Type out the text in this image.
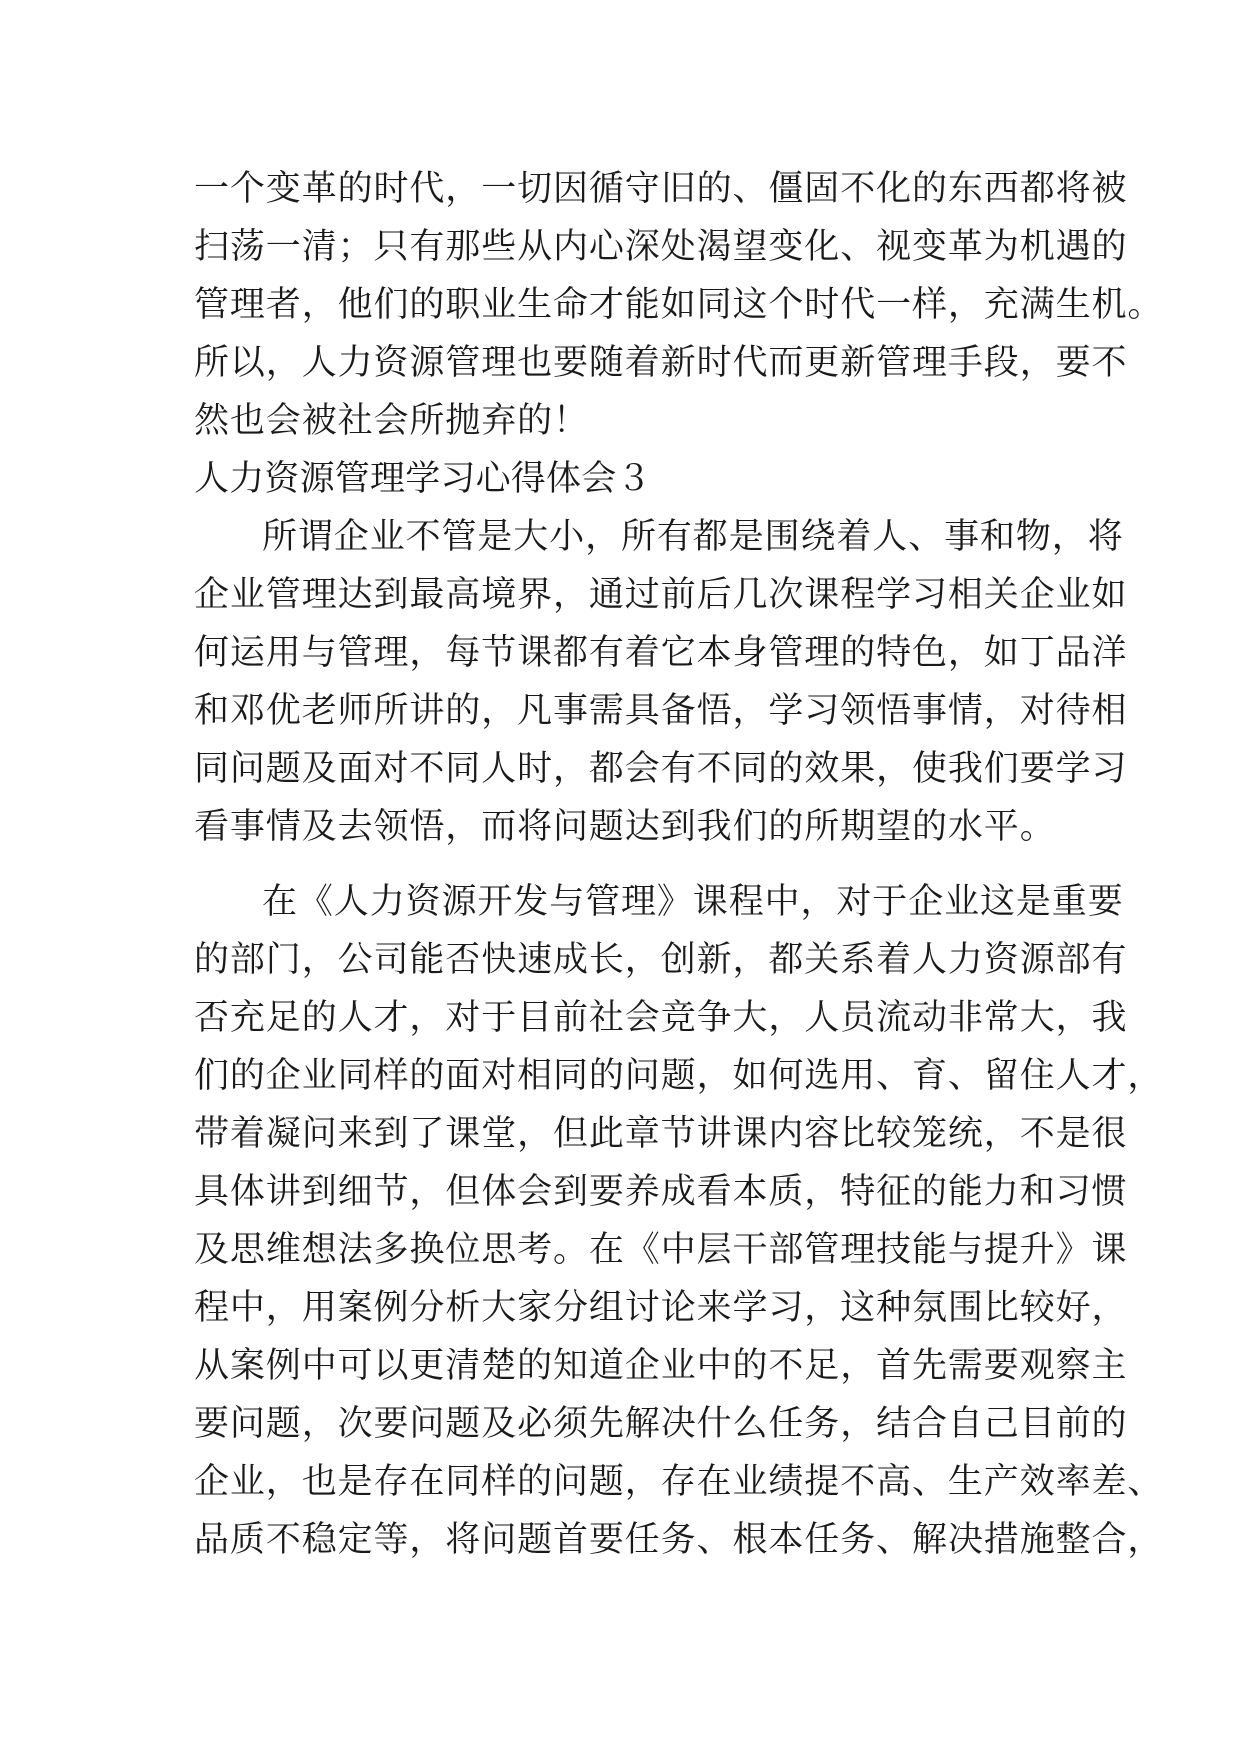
一个变革的时代，一切因循守旧的、僵固不化的东西都将被
扫荡一清；只有那些从内心深处渴望变化、视变革为机遇的
管理者，他们的职业生命才能如同这个时代一样，充满生机。
所以，人力资源管理也要随着新时代而更新管理手段，要不
然也会被社会所抛弃的！
人力资源管理学习心得体会３
所谓企业不管是大小，所有都是围绕着人、事和物，将
企业管理达到最高境界，通过前后几次课程学习相关企业如
何运用与管理，每节课都有着它本身管理的特色，如丁品洋
和邓优老师所讲的，凡事需具备悟，学习领悟事情，对待相
同问题及面对不同人时，都会有不同的效果，使我们要学习
看事情及去领悟，而将问题达到我们的所期望的水平。
在《人力资源开发与管理》课程中，对于企业这是重要
的部门，公司能否快速成长，创新，都关系着人力资源部有
否充足的人才，对于目前社会竞争大，人员流动非常大，我
们的企业同样的面对相同的问题，如何选用、育、留住人才，
带着凝问来到了课堂，但此章节讲课内容比较笼统，不是很
具体讲到细节，但体会到要养成看本质，特征的能力和习惯
及思维想法多换位思考。在《中层干部管理技能与提升》课
程中，用案例分析大家分组讨论来学习，这种氛围比较好，
从案例中可以更清楚的知道企业中的不足，首先需要观察主
要问题，次要问题及必须先解决什么任务，结合自己目前的
企业，也是存在同样的问题，存在业绩提不高、生产效率差、
品质不稳定等，将问题首要任务、根本任务、解决措施整合，
